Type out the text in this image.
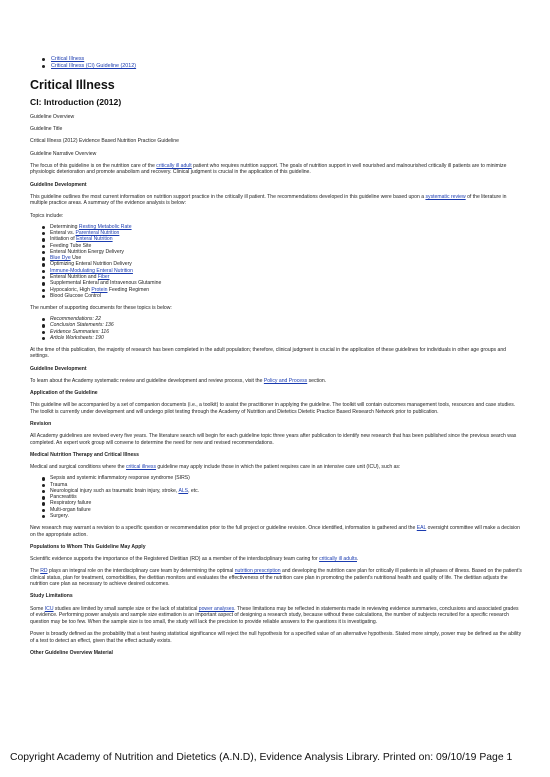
Critical Illness
Critical Illness (CI) Guideline (2012)
Critical Illness
CI: Introduction (2012)

Guideline Overview

Guideline Title

Critical Illness (2012) Evidence Based Nutrition Practice Guideline

Guideline Narrative Overview

The focus of this guideline is on the nutrition care of the critically ill adult patient who requires nutrition support. The goals of nutrition support in well nourished and malnourished critically ill patients are to minimize physiologic deterioration and promote anabolism and recovery. Clinical judgment is crucial in the application of this guideline.

Guideline Development

This guideline outlines the most current information on nutrition support practice in the critically ill patient. The recommendations developed in this guideline were based upon a systematic review of the literature in multiple practice areas. A summary of the evidence analysis is below:

Topics include:

Determining Resting Metabolic Rate
Enteral vs. Parenteral Nutrition
Initiation of Enteral Nutrition
Feeding Tube Site
Enteral Nutrition Energy Delivery
Blue Dye Use
Optimizing Enteral Nutrition Delivery
Immune-Modulating Enteral Nutrition
Enteral Nutrition and Fiber
Supplemental Enteral and Intravenous Glutamine
Hypocaloric, High Protein Feeding Regimen
Blood Glucose Control

The number of supporting documents for these topics is below:

Recommendations: 22
Conclusion Statements: 136
Evidence Summaries: 116
Article Worksheets: 190

At the time of this publication, the majority of research has been completed in the adult population; therefore, clinical judgment is crucial in the application of these guidelines for individuals in other age groups and settings.

Guideline Development

To learn about the Academy systematic review and guideline development and review process, visit the Policy and Process section.

Application of the Guideline

This guideline will be accompanied by a set of companion documents (i.e., a toolkit) to assist the practitioner in applying the guideline. The toolkit will contain outcomes management tools, resources and case studies. The toolkit is currently under development and will undergo pilot testing through the Academy of Nutrition and Dietetics Dietetic Practice Based Research Network prior to publication.

Revision

All Academy guidelines are revised every five years. The literature search will begin for each guideline topic three years after publication to identify new research that has been published since the previous search was completed. An expert work group will convene to determine the need for new and revised recommendations.

Medical Nutrition Therapy and Critical Illness

Medical and surgical conditions where the critical illness guideline may apply include those in which the patient requires care in an intensive care unit (ICU), such as:

Sepsis and systemic inflammatory response syndrome (SIRS)
Trauma
Neurological injury such as traumatic brain injury, stroke, ALS, etc.
Pancreatitis
Respiratory failure
Multi-organ failure
Surgery.

New research may warrant a revision to a specific question or recommendation prior to the full project or guideline revision. Once identified, information is gathered and the EAL oversight committee will make a decision on the appropriate action.

Populations to Whom This Guideline May Apply

Scientific evidence supports the importance of the Registered Dietitian (RD) as a member of the interdisciplinary team caring for critically ill adults.

The RD plays an integral role on the interdisciplinary care team by determining the optimal nutrition prescription and developing the nutrition care plan for critically ill patients in all phases of illness. Based on the patient's clinical status, plan for treatment, comorbidities, the dietitian monitors and evaluates the effectiveness of the nutrition care plan in promoting the patient's nutritional health and quality of life. The dietitian adjusts the nutrition care plan as necessary to achieve desired outcomes.

Study Limitations

Some ICU studies are limited by small sample size or the lack of statistical power analyses. These limitations may be reflected in statements made in reviewing evidence summaries, conclusions and associated grades of evidence. Performing power analysis and sample size estimation is an important aspect of designing a research study, because without these calculations, the number of subjects recruited for a specific research question may be too few. When the sample size is too small, the study will lack the precision to provide reliable answers to the questions it is investigating.

Power is broadly defined as the probability that a test having statistical significance will reject the null hypothesis for a specified value of an alternative hypothesis. Stated more simply, power may be defined as the ability of a test to detect an effect, given that the effect actually exists.

Other Guideline Overview Material

Copyright Academy of Nutrition and Dietetics (A.N.D), Evidence Analysis Library. Printed on: 09/10/19 Page 1
